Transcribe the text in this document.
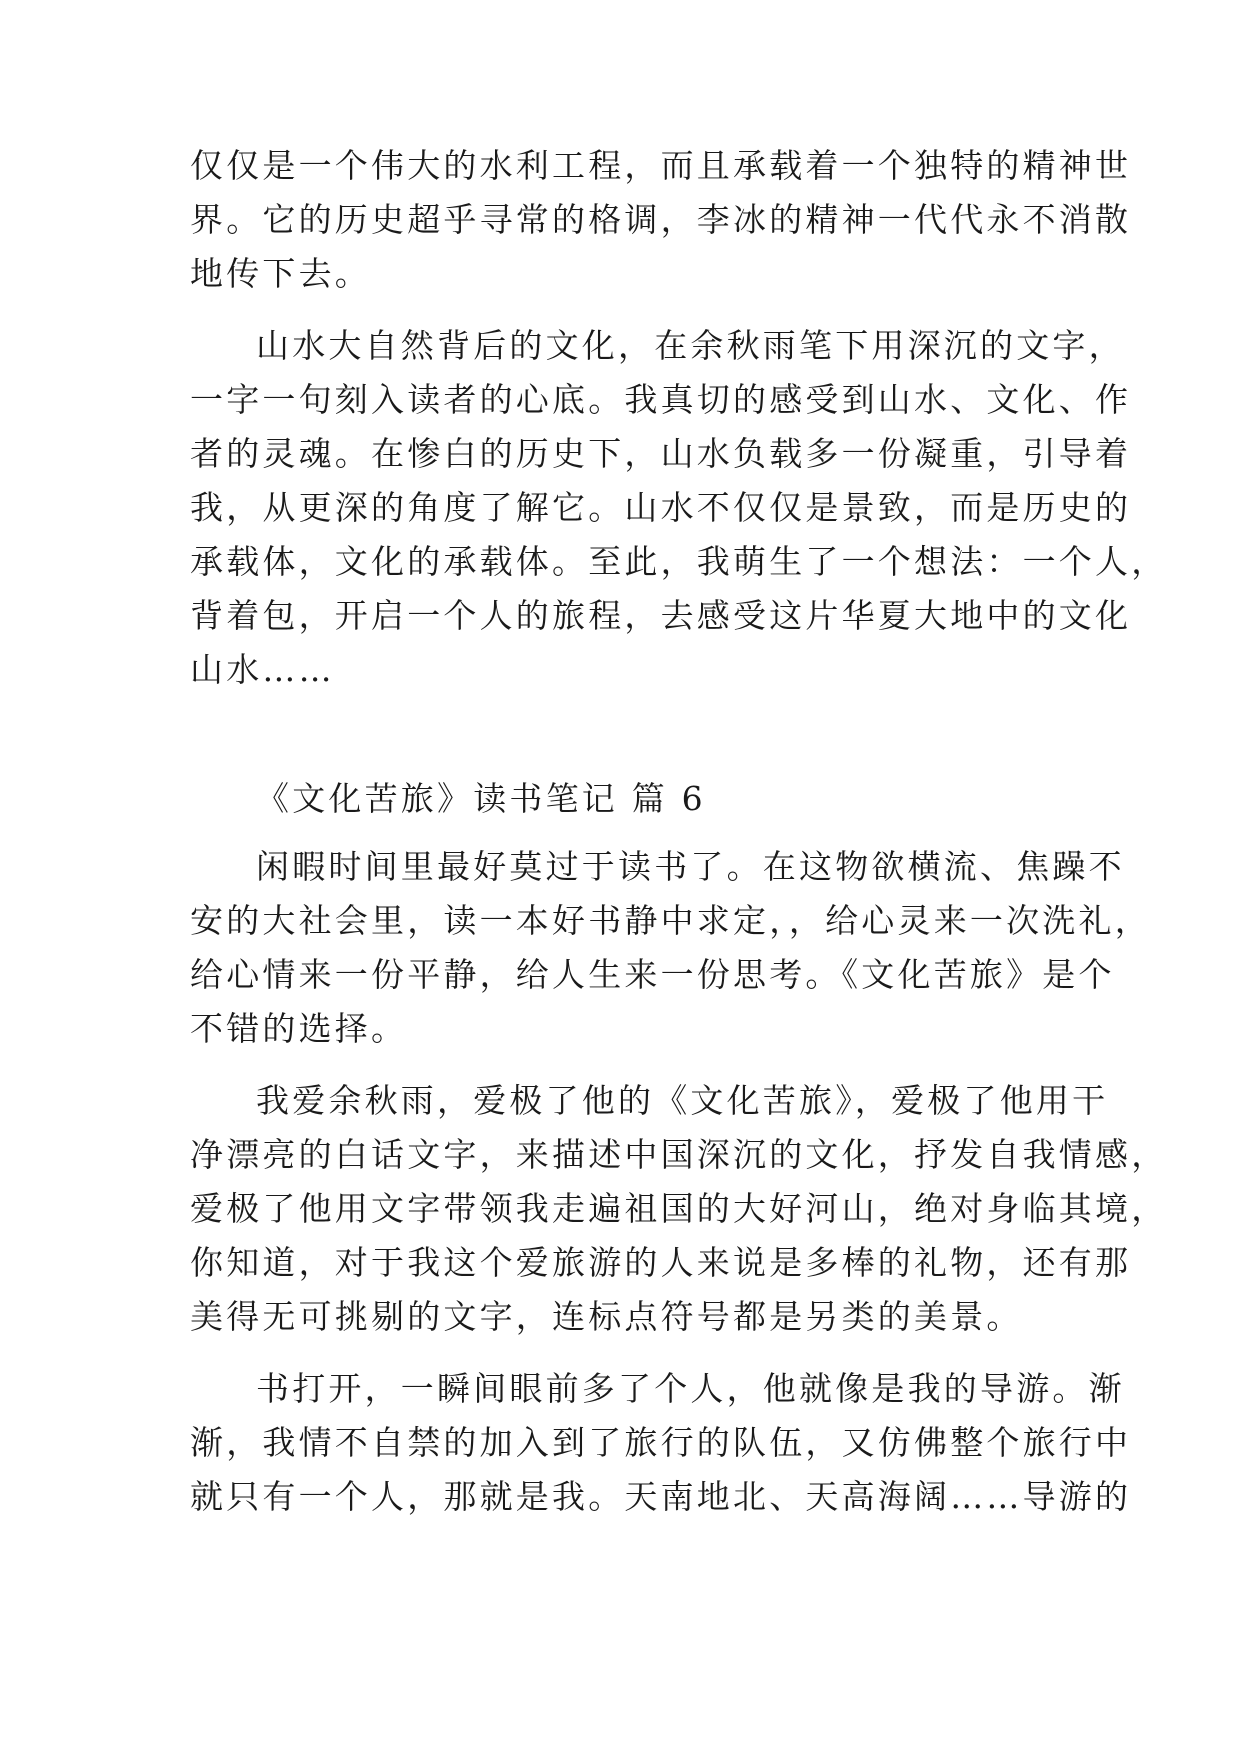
仅仅是一个伟大的水利工程，而且承载着一个独特的精神世
界。它的历史超乎寻常的格调，李冰的精神一代代永不消散
地传下去。
山水大自然背后的文化，在余秋雨笔下用深沉的文字，
一字一句刻入读者的心底。我真切的感受到山水、文化、作
者的灵魂。在惨白的历史下，山水负载多一份凝重，引导着
我，从更深的角度了解它。山水不仅仅是景致，而是历史的
承载体，文化的承载体。至此，我萌生了一个想法：一个人，
背着包，开启一个人的旅程，去感受这片华夏大地中的文化
山水……
《文化苦旅》读书笔记 篇 6
闲暇时间里最好莫过于读书了。在这物欲横流、焦躁不
安的大社会里，读一本好书静中求定，，给心灵来一次洗礼，
给心情来一份平静，给人生来一份思考。《文化苦旅》是个
不错的选择。
我爱余秋雨，爱极了他的《文化苦旅》，爱极了他用干
净漂亮的白话文字，来描述中国深沉的文化，抒发自我情感，
爱极了他用文字带领我走遍祖国的大好河山，绝对身临其境，
你知道，对于我这个爱旅游的人来说是多棒的礼物，还有那
美得无可挑剔的文字，连标点符号都是另类的美景。
书打开，一瞬间眼前多了个人，他就像是我的导游。渐
渐，我情不自禁的加入到了旅行的队伍，又仿佛整个旅行中
就只有一个人，那就是我。天南地北、天高海阔……导游的
